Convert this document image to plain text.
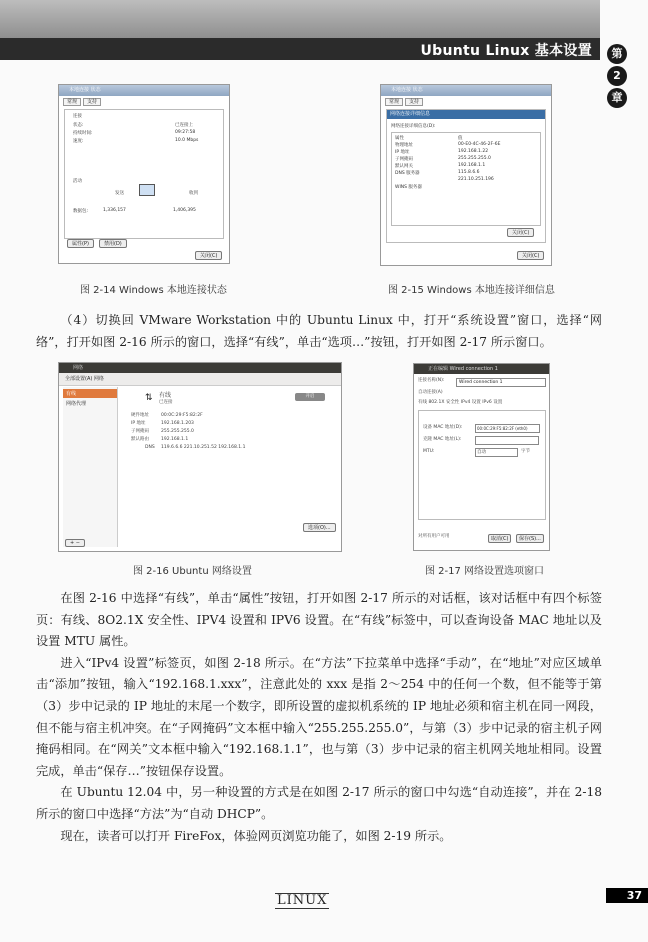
Ubuntu Linux 基本设置	第
2
章
本地连接 状态
常规 支持
连接
状态:	已连接上
持续时间:	09:27:58
速度:	10.0 Mbps
活动
发送	收到
数据包:	1,336,157	1,406,395
属性(P)	禁用(D)
关闭(C)
图 2-14 Windows 本地连接状态
本地连接 状态
常规 支持
网络连接详细信息
网络连接详细信息(D):
属性	值
物理地址	00-E0-4C-46-2F-6E
IP 地址	192.168.1.22
子网掩码	255.255.255.0
默认网关	192.168.1.1
DNS 服务器	115.8.6.6
221.10.251.196
WINS 服务器
关闭(C)
关闭(C)
图 2-15 Windows 本地连接详细信息

（4）切换回 VMware Workstation 中的 Ubuntu Linux 中，打开“系统设置”窗口，选择“网络”，打开如图 2-16 所示的窗口，选择“有线”，单击“选项…”按钮，打开如图 2-17 所示窗口。

网络
全部设置(A) 网络
有线
网络代理
⇅ 有线
已连接
开启
硬件地址	00:0C:29:F5:82:2F
IP 地址	192.168.1.203
子网掩码	255.255.255.0
默认路由	192.168.1.1
DNS 119.6.6.6 221.10.251.52 192.168.1.1
选项(O)...
+ −
图 2-16 Ubuntu 网络设置
正在编辑 Wired connection 1
连接名称(N):	Wired connection 1
自动连接(A)
有线 802.1X 安全性 IPv4 设置 IPv6 设置
设备 MAC 地址(D):	00:0C:29:F5:82:2F (eth0)
克隆 MAC 地址(L):
MTU:	自动	字节
对所有用户可用	取消(C)	保存(S)...
图 2-17 网络设置选项窗口

在图 2-16 中选择“有线”，单击“属性”按钮，打开如图 2-17 所示的对话框，该对话框中有四个标签页：有线、8O2.1X 安全性、IPV4 设置和 IPV6 设置。在“有线”标签中，可以查询设备 MAC 地址以及设置 MTU 属性。

进入“IPv4 设置”标签页，如图 2-18 所示。在“方法”下拉菜单中选择“手动”，在“地址”对应区域单击“添加”按钮，输入“192.168.1.xxx”，注意此处的 xxx 是指 2～254 中的任何一个数，但不能等于第（3）步中记录的 IP 地址的末尾一个数字，即所设置的虚拟机系统的 IP 地址必须和宿主机在同一网段，但不能与宿主机冲突。在“子网掩码”文本框中输入“255.255.255.0”，与第（3）步中记录的宿主机子网掩码相同。在“网关”文本框中输入“192.168.1.1”，也与第（3）步中记录的宿主机网关地址相同。设置完成，单击“保存…”按钮保存设置。

在 Ubuntu 12.04 中，另一种设置的方式是在如图 2-17 所示的窗口中勾选“自动连接”，并在 2-18 所示的窗口中选择“方法”为“自动 DHCP”。

现在，读者可以打开 FireFox，体验网页浏览功能了，如图 2-19 所示。

LINUX	37
